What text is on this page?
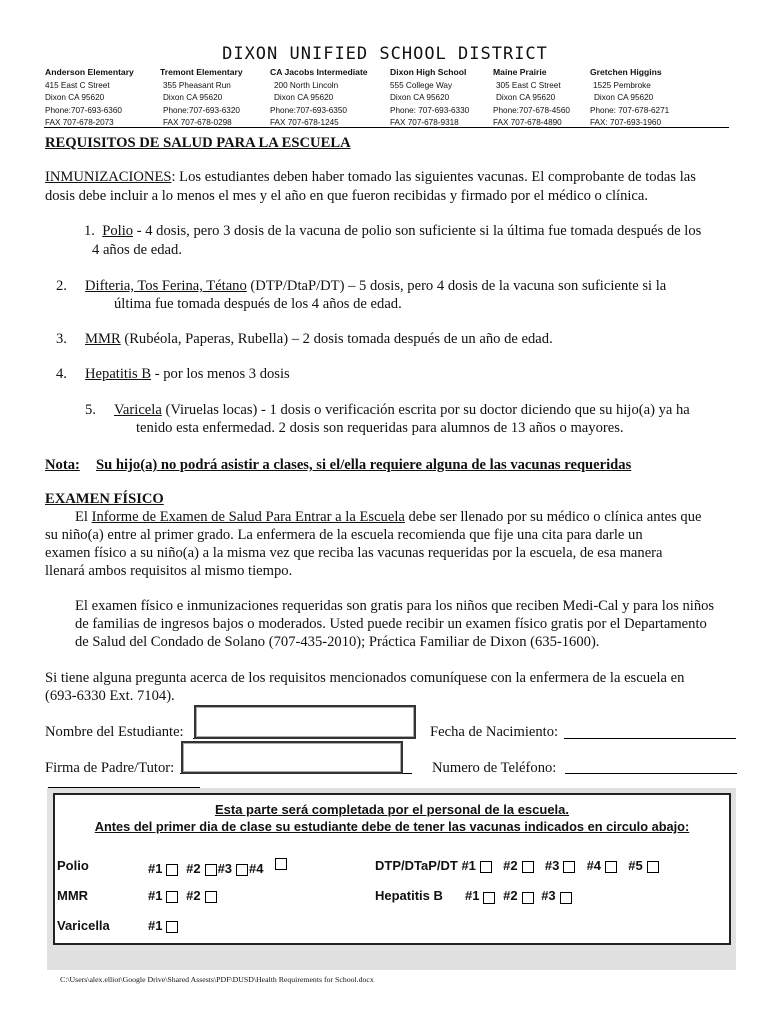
DIXON UNIFIED SCHOOL DISTRICT
Anderson Elementary
415 East C Street
Dixon CA 95620
Phone:707-693-6360
FAX 707-678-2073
Tremont Elementary
355 Pheasant Run
Dixon CA 95620
Phone:707-693-6320
FAX 707-678-0298
CA Jacobs Intermediate
200 North Lincoln
Dixon CA 95620
Phone:707-693-6350
FAX 707-678-1245
Dixon High School
555 College Way
Dixon CA 95620
Phone: 707-693-6330
FAX 707-678-9318
Maine Prairie
305 East C Street
Dixon CA 95620
Phone:707-678-4560
FAX 707-678-4890
Gretchen Higgins
1525 Pembroke
Dixon CA 95620
Phone: 707-678-6271
FAX: 707-693-1960
REQUISITOS DE SALUD PARA LA ESCUELA
INMUNIZACIONES: Los estudiantes deben haber tomado las siguientes vacunas. El comprobante de todas las
dosis debe incluir a lo menos el mes y el año en que fueron recibidas y firmado por el médico o clínica.
1. Polio - 4 dosis, pero 3 dosis de la vacuna de polio son suficiente si la última fue tomada después de los
4 años de edad.
2. Difteria, Tos Ferina, Tétano (DTP/DtaP/DT) – 5 dosis, pero 4 dosis de la vacuna son suficiente si la
última fue tomada después de los 4 años de edad.
3. MMR (Rubéola, Paperas, Rubella) – 2 dosis tomada después de un año de edad.
4. Hepatitis B - por los menos 3 dosis
5. Varicela (Viruelas locas) - 1 dosis o verificación escrita por su doctor diciendo que su hijo(a) ya ha
tenido esta enfermedad. 2 dosis son requeridas para alumnos de 13 años o mayores.
Nota: Su hijo(a) no podrá asistir a clases, si el/ella requiere alguna de las vacunas requeridas
EXAMEN FÍSICO
El Informe de Examen de Salud Para Entrar a la Escuela debe ser llenado por su médico o clínica antes que
su niño(a) entre al primer grado. La enfermera de la escuela recomienda que fije una cita para darle un
examen físico a su niño(a) a la misma vez que reciba las vacunas requeridas por la escuela, de esa manera
llenará ambos requisitos al mismo tiempo.
El examen físico e inmunizaciones requeridas son gratis para los niños que reciben Medi-Cal y para los niños
de familias de ingresos bajos o moderados. Usted puede recibir un examen físico gratis por el Departamento
de Salud del Condado de Solano (707-435-2010); Práctica Familiar de Dixon (635-1600).
Si tiene alguna pregunta acerca de los requisitos mencionados comuníquese con la enfermera de la escuela en
(693-6330 Ext. 7104).
Nombre del Estudiante:	Fecha de Nacimiento:
Firma de Padre/Tutor:	Numero de Teléfono:
Esta parte será completada por el personal de la escuela.
Antes del primer dia de clase su estudiante debe de tener las vacunas indicados en circulo abajo:
Polio	#1 #2 #3 #4	DTP/DTaP/DT #1 #2 #3 #4 #5
MMR	#1 #2	Hepatitis B #1 #2 #3
Varicella	#1
C:\Users\alex.elliot\Google Drive\Shared Assests\PDF\DUSD\Health Requirements for School.docx
